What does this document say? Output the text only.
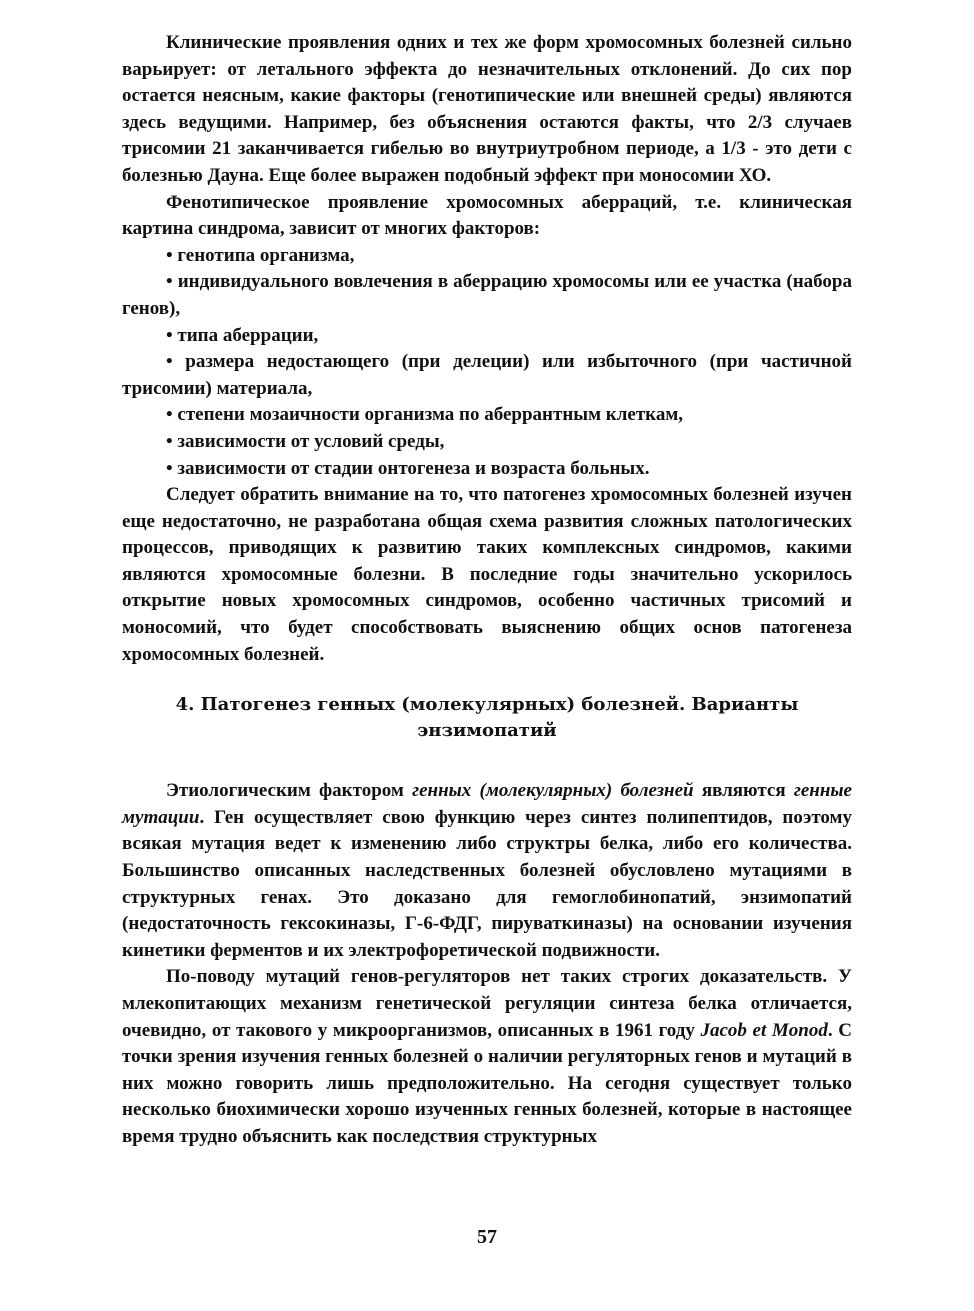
Клинические проявления одних и тех же форм хромосомных болезней сильно варьирует: от летального эффекта до незначительных отклонений. До сих пор остается неясным, какие факторы (генотипические или внешней среды) являются здесь ведущими. Например, без объяснения остаются факты, что 2/3 случаев трисомии 21 заканчивается гибелью во внутриутробном периоде, а 1/3 - это дети с болезнью Дауна. Еще более выражен подобный эффект при моносомии ХО.

Фенотипическое проявление хромосомных аберраций, т.е. клиническая картина синдрома, зависит от многих факторов:

• генотипа организма,

• индивидуального вовлечения в аберрацию хромосомы или ее участка (набора генов),

• типа аберрации,

• размера недостающего (при делеции) или избыточного (при частичной трисомии) материала,

• степени мозаичности организма по аберрантным клеткам,

• зависимости от условий среды,

• зависимости от стадии онтогенеза и возраста больных.

Следует обратить внимание на то, что патогенез хромосомных болезней изучен еще недостаточно, не разработана общая схема развития сложных патологических процессов, приводящих к развитию таких комплексных синдромов, какими являются хромосомные болезни. В последние годы значительно ускорилось открытие новых хромосомных синдромов, особенно частичных трисомий и моносомий, что будет способствовать выяснению общих основ патогенеза хромосомных болезней.

4. Патогенез генных (молекулярных) болезней. Варианты энзимопатий

Этиологическим фактором генных (молекулярных) болезней являются генные мутации. Ген осуществляет свою функцию через синтез полипептидов, поэтому всякая мутация ведет к изменению либо структры белка, либо его количества. Большинство описанных наследственных болезней обусловлено мутациями в структурных генах. Это доказано для гемоглобинопатий, энзимопатий (недостаточность гексокиназы, Г-6-ФДГ, пируваткиназы) на основании изучения кинетики ферментов и их электрофоретической подвижности.

По-поводу мутаций генов-регуляторов нет таких строгих доказательств. У млекопитающих механизм генетической регуляции синтеза белка отличается, очевидно, от такового у микроорганизмов, описанных в 1961 году Jacob et Monod. С точки зрения изучения генных болезней о наличии регуляторных генов и мутаций в них можно говорить лишь предположительно. На сегодня существует только несколько биохимически хорошо изученных генных болезней, которые в настоящее время трудно объяснить как последствия структурных

57
